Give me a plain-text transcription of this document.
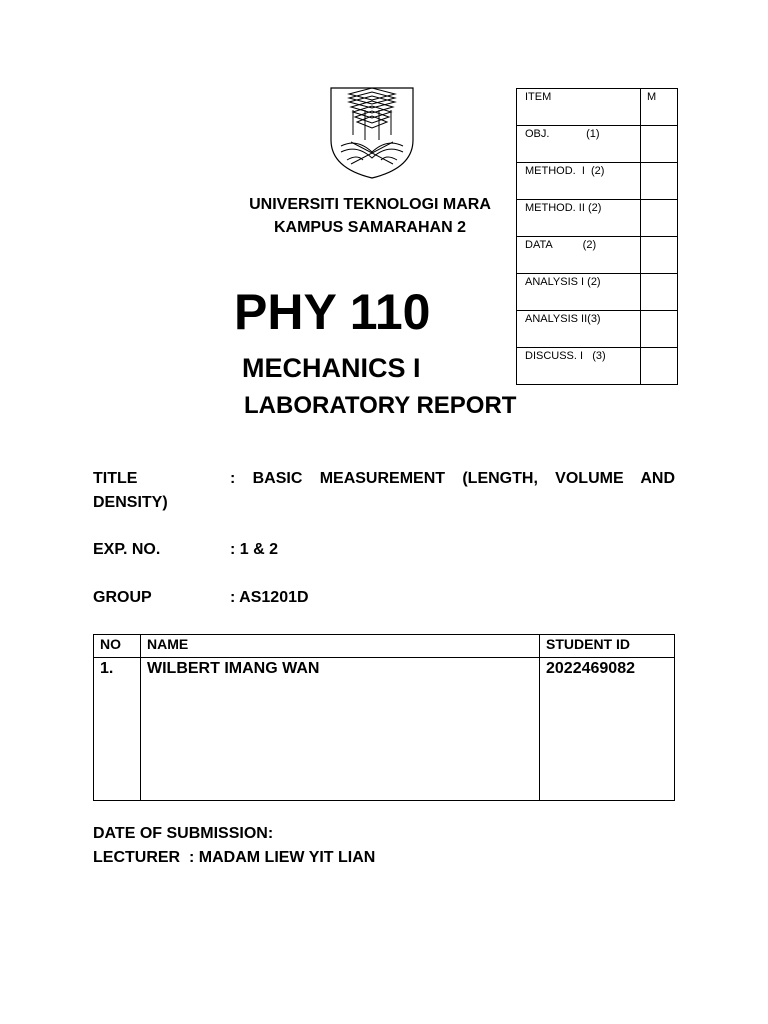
UNIVERSITI TEKNOLOGI MARA
KAMPUS SAMARAHAN 2
ITEM	M
OBJ.            (1)	
METHOD.  I  (2)	
METHOD. II (2)	
DATA          (2)	
ANALYSIS I (2)	
ANALYSIS II(3)	
DISCUSS. I   (3)	
PHY 110
MECHANICS I
LABORATORY REPORT
TITLE	: BASIC MEASUREMENT (LENGTH, VOLUME AND
DENSITY)
EXP. NO.	: 1 & 2
GROUP	: AS1201D
NO	NAME	STUDENT ID
1.	WILBERT IMANG WAN	2022469082
DATE OF SUBMISSION:
LECTURER  : MADAM LIEW YIT LIAN
